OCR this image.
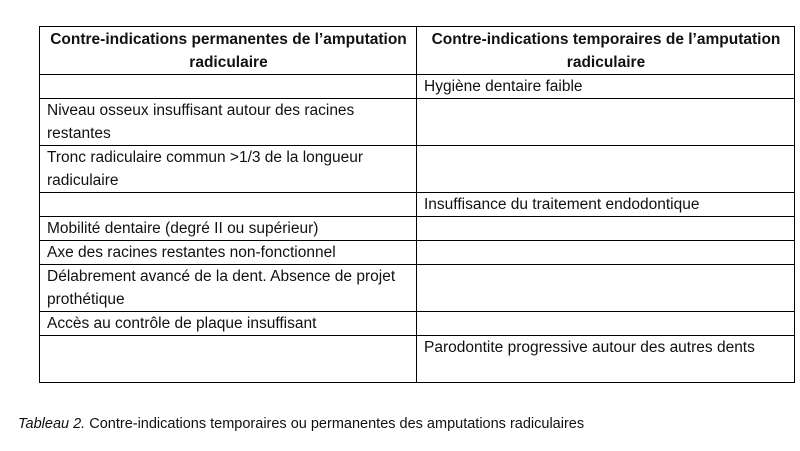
Contre-indications permanentes de l’amputation radiculaire	Contre-indications temporaires de l’amputation radiculaire
	Hygiène dentaire faible
Niveau osseux insuffisant autour des racines restantes	
Tronc radiculaire commun >1/3 de la longueur radiculaire	
	Insuffisance du traitement endodontique
Mobilité dentaire (degré II ou supérieur)	
Axe des racines restantes non-fonctionnel	
Délabrement avancé de la dent. Absence de projet prothétique	
Accès au contrôle de plaque insuffisant	
	Parodontite progressive autour des autres dents
Tableau 2. Contre-indications temporaires ou permanentes des amputations radiculaires
